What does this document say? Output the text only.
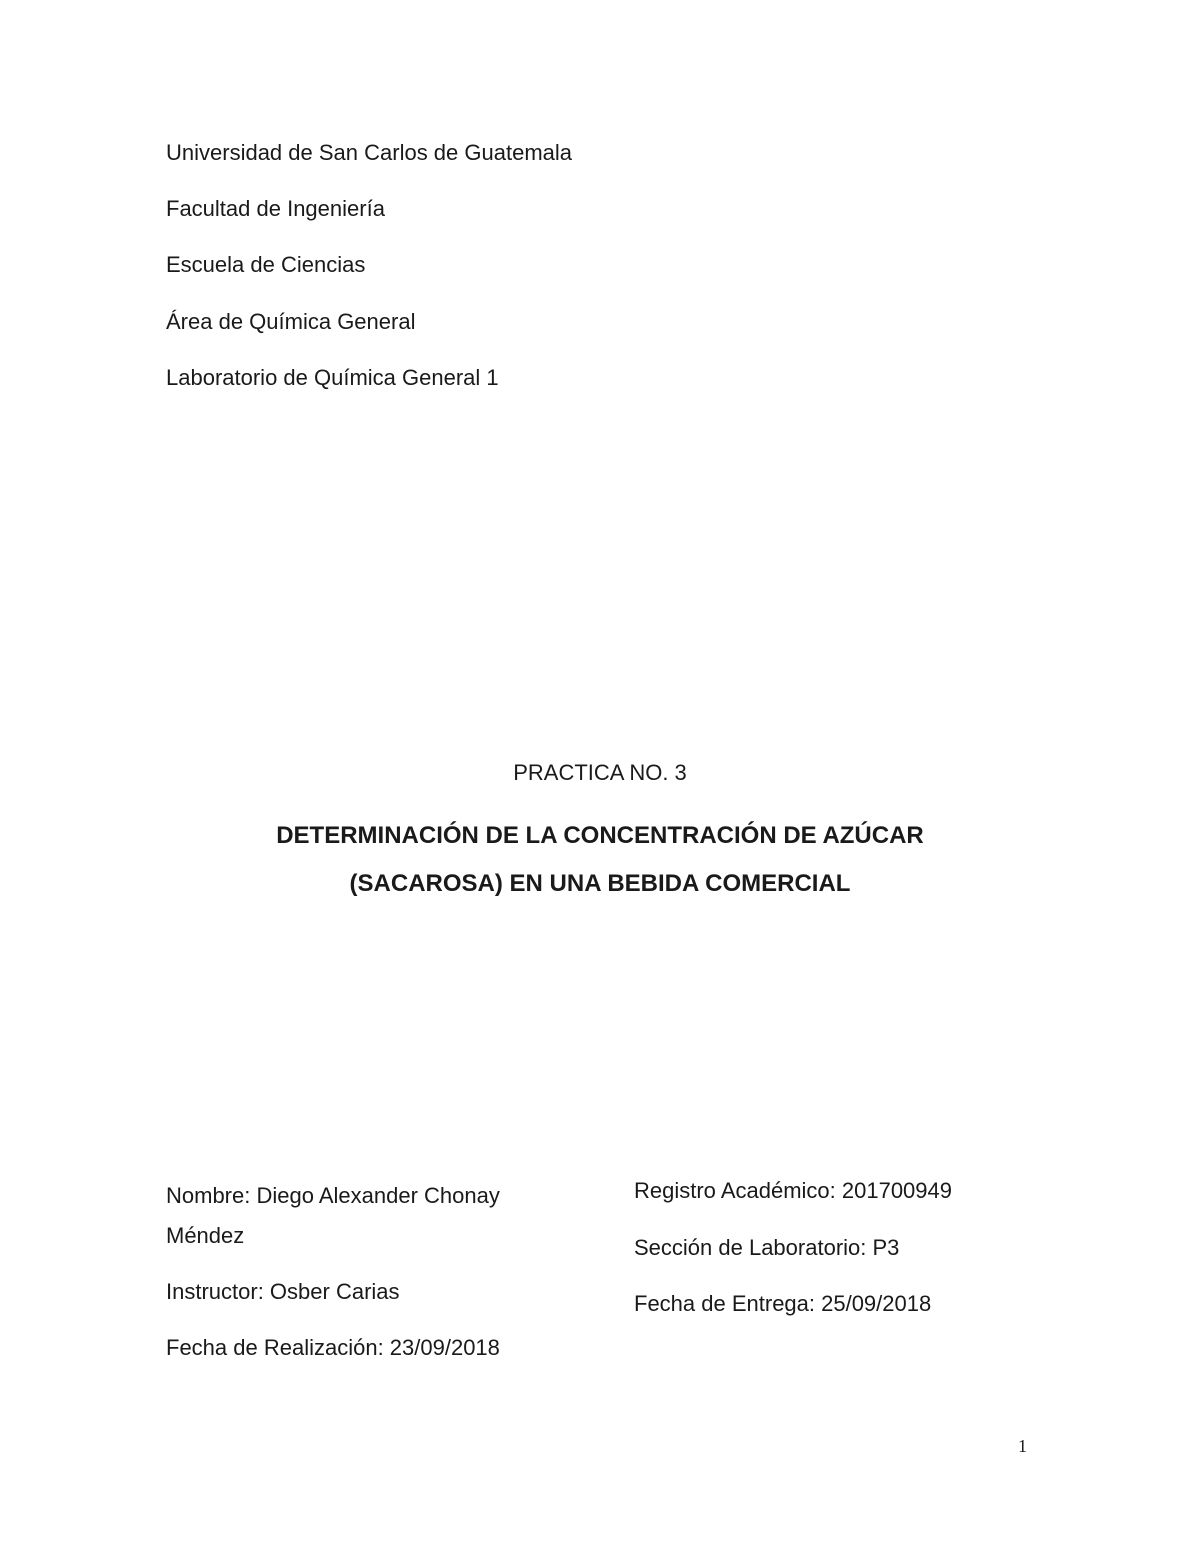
Universidad de San Carlos de Guatemala
Facultad de Ingeniería
Escuela de Ciencias
Área de Química General
Laboratorio de Química General 1
PRACTICA NO. 3
DETERMINACIÓN DE LA CONCENTRACIÓN DE AZÚCAR
(SACAROSA) EN UNA BEBIDA COMERCIAL
Nombre: Diego Alexander Chonay Méndez
Instructor: Osber Carias
Fecha de Realización: 23/09/2018
Registro Académico: 201700949
Sección de Laboratorio: P3
Fecha de Entrega: 25/09/2018
1
